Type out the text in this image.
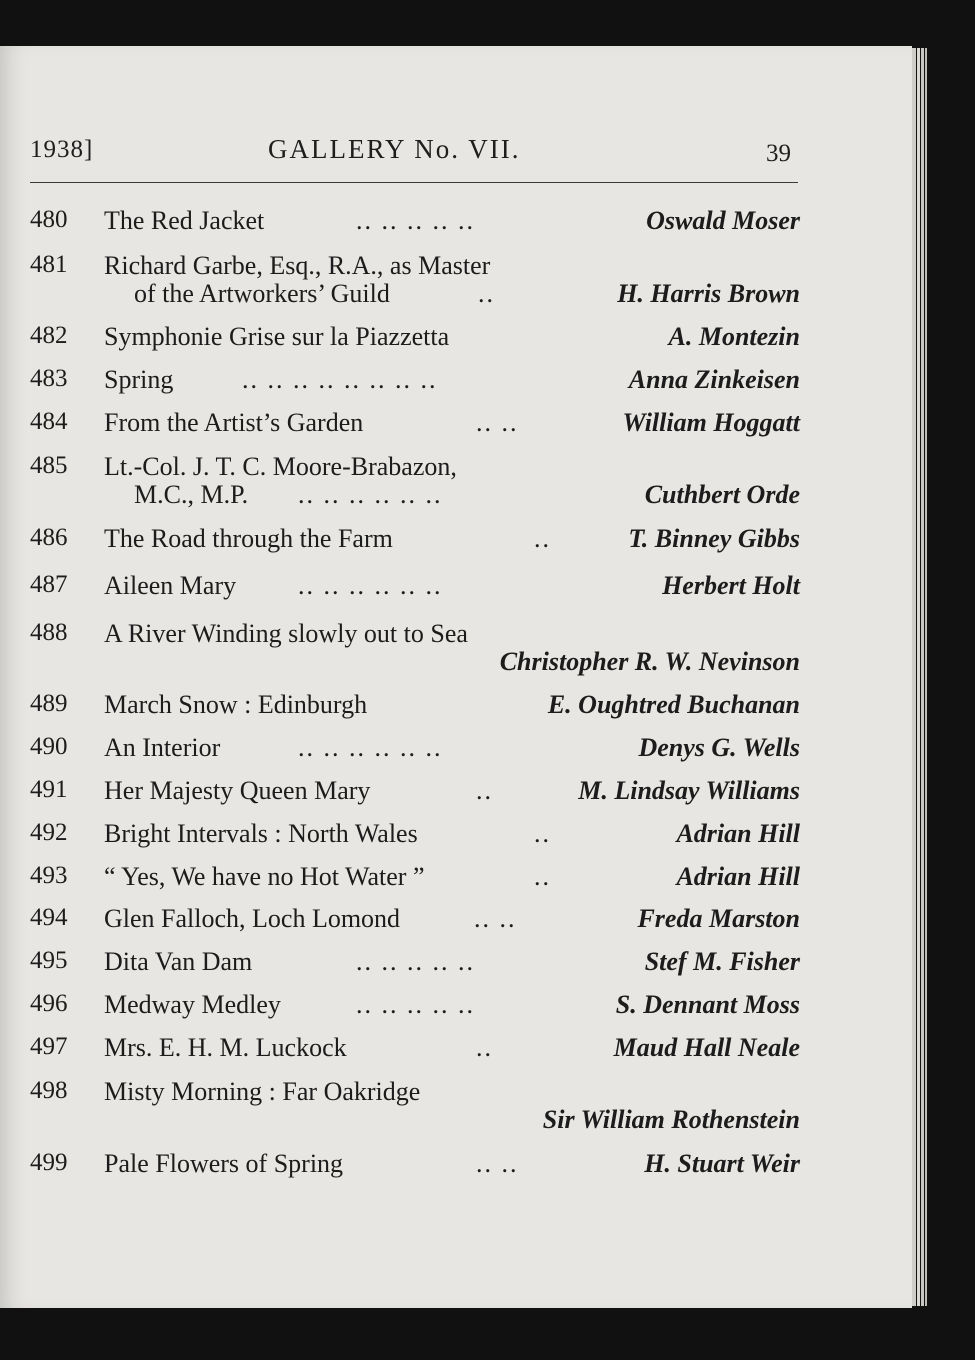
1938]	GALLERY No. VII.	39
480 The Red Jacket	.. .. .. .. ..	Oswald Moser
481 Richard Garbe, Esq., R.A., as Master
of the Artworkers’ Guild	..	H. Harris Brown
482 Symphonie Grise sur la Piazzetta	A. Montezin
483 Spring	.. .. .. .. .. .. .. ..	Anna Zinkeisen
484 From the Artist’s Garden	.. ..	William Hoggatt
485 Lt.-Col. J. T. C. Moore-Brabazon,
M.C., M.P. .. .. .. .. .. ..	Cuthbert Orde
486 The Road through the Farm	..	T. Binney Gibbs
487 Aileen Mary .. .. .. .. .. ..	Herbert Holt
488 A River Winding slowly out to Sea
Christopher R. W. Nevinson
489 March Snow : Edinburgh	E. Oughtred Buchanan
490 An Interior	.. .. .. .. .. ..	Denys G. Wells
491 Her Majesty Queen Mary	..	M. Lindsay Williams
492 Bright Intervals : North Wales	..	Adrian Hill
493 “ Yes, We have no Hot Water ”	..	Adrian Hill
494 Glen Falloch, Loch Lomond	.. ..	Freda Marston
495 Dita Van Dam	.. .. .. .. ..	Stef M. Fisher
496 Medway Medley	.. .. .. .. ..	S. Dennant Moss
497 Mrs. E. H. M. Luckock	..	Maud Hall Neale
498 Misty Morning : Far Oakridge
Sir William Rothenstein
499 Pale Flowers of Spring	.. ..	H. Stuart Weir
